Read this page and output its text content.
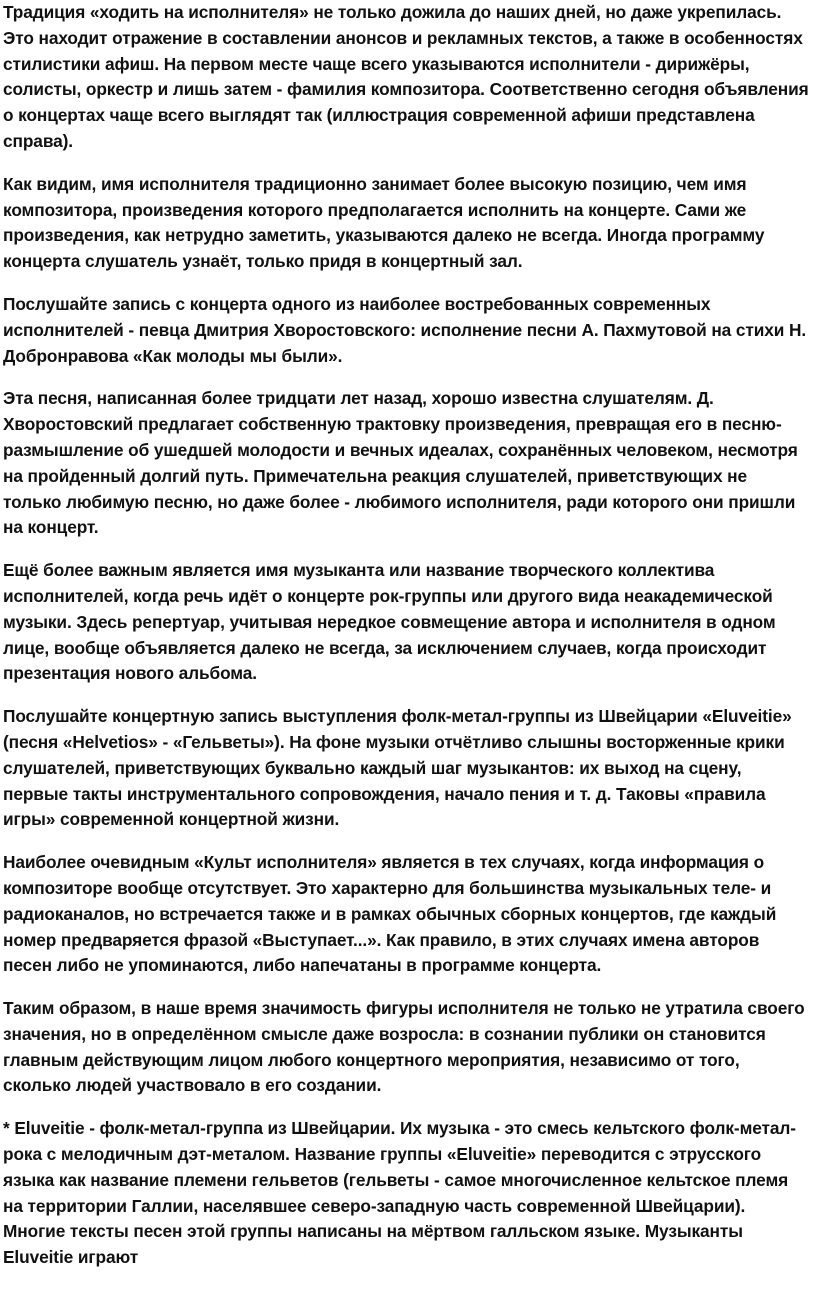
Традиция «ходить на исполнителя» не только дожила до наших дней, но даже укрепилась. Это находит отражение в составлении анонсов и рекламных текстов, а также в особенностях стилистики афиш. На первом месте чаще всего указываются исполнители - дирижёры, солисты, оркестр и лишь затем - фамилия композитора. Соответственно сегодня объявления о концертах чаще всего выглядят так (иллюстрация современной афиши представлена справа).

Как видим, имя исполнителя традиционно занимает более высокую позицию, чем имя композитора, произведения которого предполагается исполнить на концерте. Сами же произведения, как нетрудно заметить, указываются далеко не всегда. Иногда программу концерта слушатель узнаёт, только придя в концертный зал.

Послушайте запись с концерта одного из наиболее востребованных современных исполнителей - певца Дмитрия Хворостовского: исполнение песни А. Пахмутовой на стихи Н. Добронравова «Как молоды мы были».

Эта песня, написанная более тридцати лет назад, хорошо известна слушателям. Д. Хворостовский предлагает собственную трактовку произведения, превращая его в песню-размышление об ушедшей молодости и вечных идеалах, сохранённых человеком, несмотря на пройденный долгий путь. Примечательна реакция слушателей, приветствующих не только любимую песню, но даже более - любимого исполнителя, ради которого они пришли на концерт.

Ещё более важным является имя музыканта или название творческого коллектива исполнителей, когда речь идёт о концерте рок-группы или другого вида неакадемической музыки. Здесь репертуар, учитывая нередкое совмещение автора и исполнителя в одном лице, вообще объявляется далеко не всегда, за исключением случаев, когда происходит презентация нового альбома.

Послушайте концертную запись выступления фолк-метал-группы из Швейцарии «Eluveitie» (песня «Helvetios» - «Гельветы»). На фоне музыки отчётливо слышны восторженные крики слушателей, приветствующих буквально каждый шаг музыкантов: их выход на сцену, первые такты инструментального сопровождения, начало пения и т. д. Таковы «правила игры» современной концертной жизни.

Наиболее очевидным «Культ исполнителя» является в тех случаях, когда информация о композиторе вообще отсутствует. Это характерно для большинства музыкальных теле- и радиоканалов, но встречается также и в рамках обычных сборных концертов, где каждый номер предваряется фразой «Выступает...». Как правило, в этих случаях имена авторов песен либо не упоминаются, либо напечатаны в программе концерта.

Таким образом, в наше время значимость фигуры исполнителя не только не утратила своего значения, но в определённом смысле даже возросла: в сознании публики он становится главным действующим лицом любого концертного мероприятия, независимо от того, сколько людей участвовало в его создании.

* Eluveitie - фолк-метал-группа из Швейцарии. Их музыка - это смесь кельтского фолк-метал-рока с мелодичным дэт-металом. Название группы «Eluveitie» переводится с этрусского языка как название племени гельветов (гельветы - самое многочисленное кельтское племя на территории Галлии, населявшее северо-западную часть современной Швейцарии). Многие тексты песен этой группы написаны на мёртвом галльском языке. Музыканты Eluveitie играют
